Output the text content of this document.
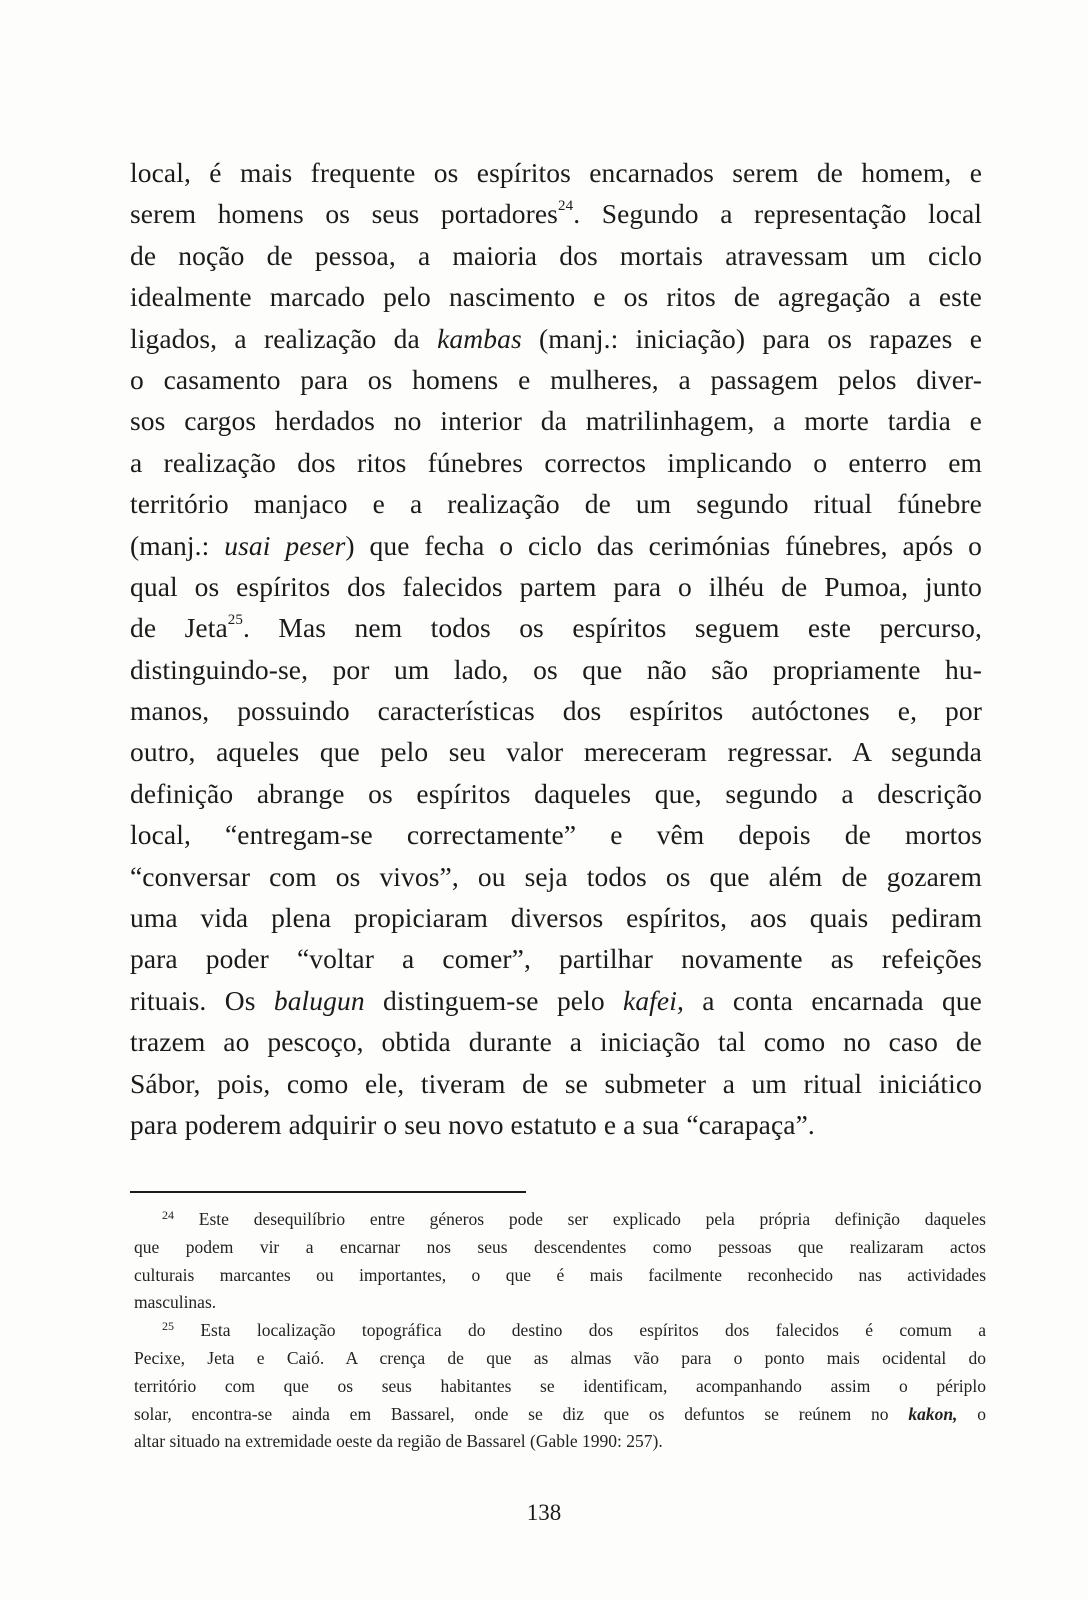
local, é mais frequente os espíritos encarnados serem de homem, e
serem homens os seus portadores$^{24}$. Segundo a representação local
de noção de pessoa, a maioria dos mortais atravessam um ciclo
idealmente marcado pelo nascimento e os ritos de agregação a este
ligados, a realização da kambas (manj.: iniciação) para os rapazes e
o casamento para os homens e mulheres, a passagem pelos diver-
sos cargos herdados no interior da matrilinhagem, a morte tardia e
a realização dos ritos fúnebres correctos implicando o enterro em
território manjaco e a realização de um segundo ritual fúnebre
(manj.: usai peser) que fecha o ciclo das cerimónias fúnebres, após o
qual os espíritos dos falecidos partem para o ilhéu de Pumoa, junto
de Jeta$^{25}$. Mas nem todos os espíritos seguem este percurso,
distinguindo-se, por um lado, os que não são propriamente hu-
manos, possuindo características dos espíritos autóctones e, por
outro, aqueles que pelo seu valor mereceram regressar. A segunda
definição abrange os espíritos daqueles que, segundo a descrição
local, “entregam-se correctamente” e vêm depois de mortos
“conversar com os vivos”, ou seja todos os que além de gozarem
uma vida plena propiciaram diversos espíritos, aos quais pediram
para poder “voltar a comer”, partilhar novamente as refeições
rituais. Os balugun distinguem-se pelo kafei, a conta encarnada que
trazem ao pescoço, obtida durante a iniciação tal como no caso de
Sábor, pois, como ele, tiveram de se submeter a um ritual iniciático
para poderem adquirir o seu novo estatuto e a sua “carapaça”.
$^{24}$ Este desequilíbrio entre géneros pode ser explicado pela própria definição daqueles
que podem vir a encarnar nos seus descendentes como pessoas que realizaram actos
culturais marcantes ou importantes, o que é mais facilmente reconhecido nas actividades
masculinas.
$^{25}$ Esta localização topográfica do destino dos espíritos dos falecidos é comum a
Pecixe, Jeta e Caió. A crença de que as almas vão para o ponto mais ocidental do
território com que os seus habitantes se identificam, acompanhando assim o périplo
solar, encontra-se ainda em Bassarel, onde se diz que os defuntos se reúnem no kakon, o
altar situado na extremidade oeste da região de Bassarel (Gable 1990: 257).
138
